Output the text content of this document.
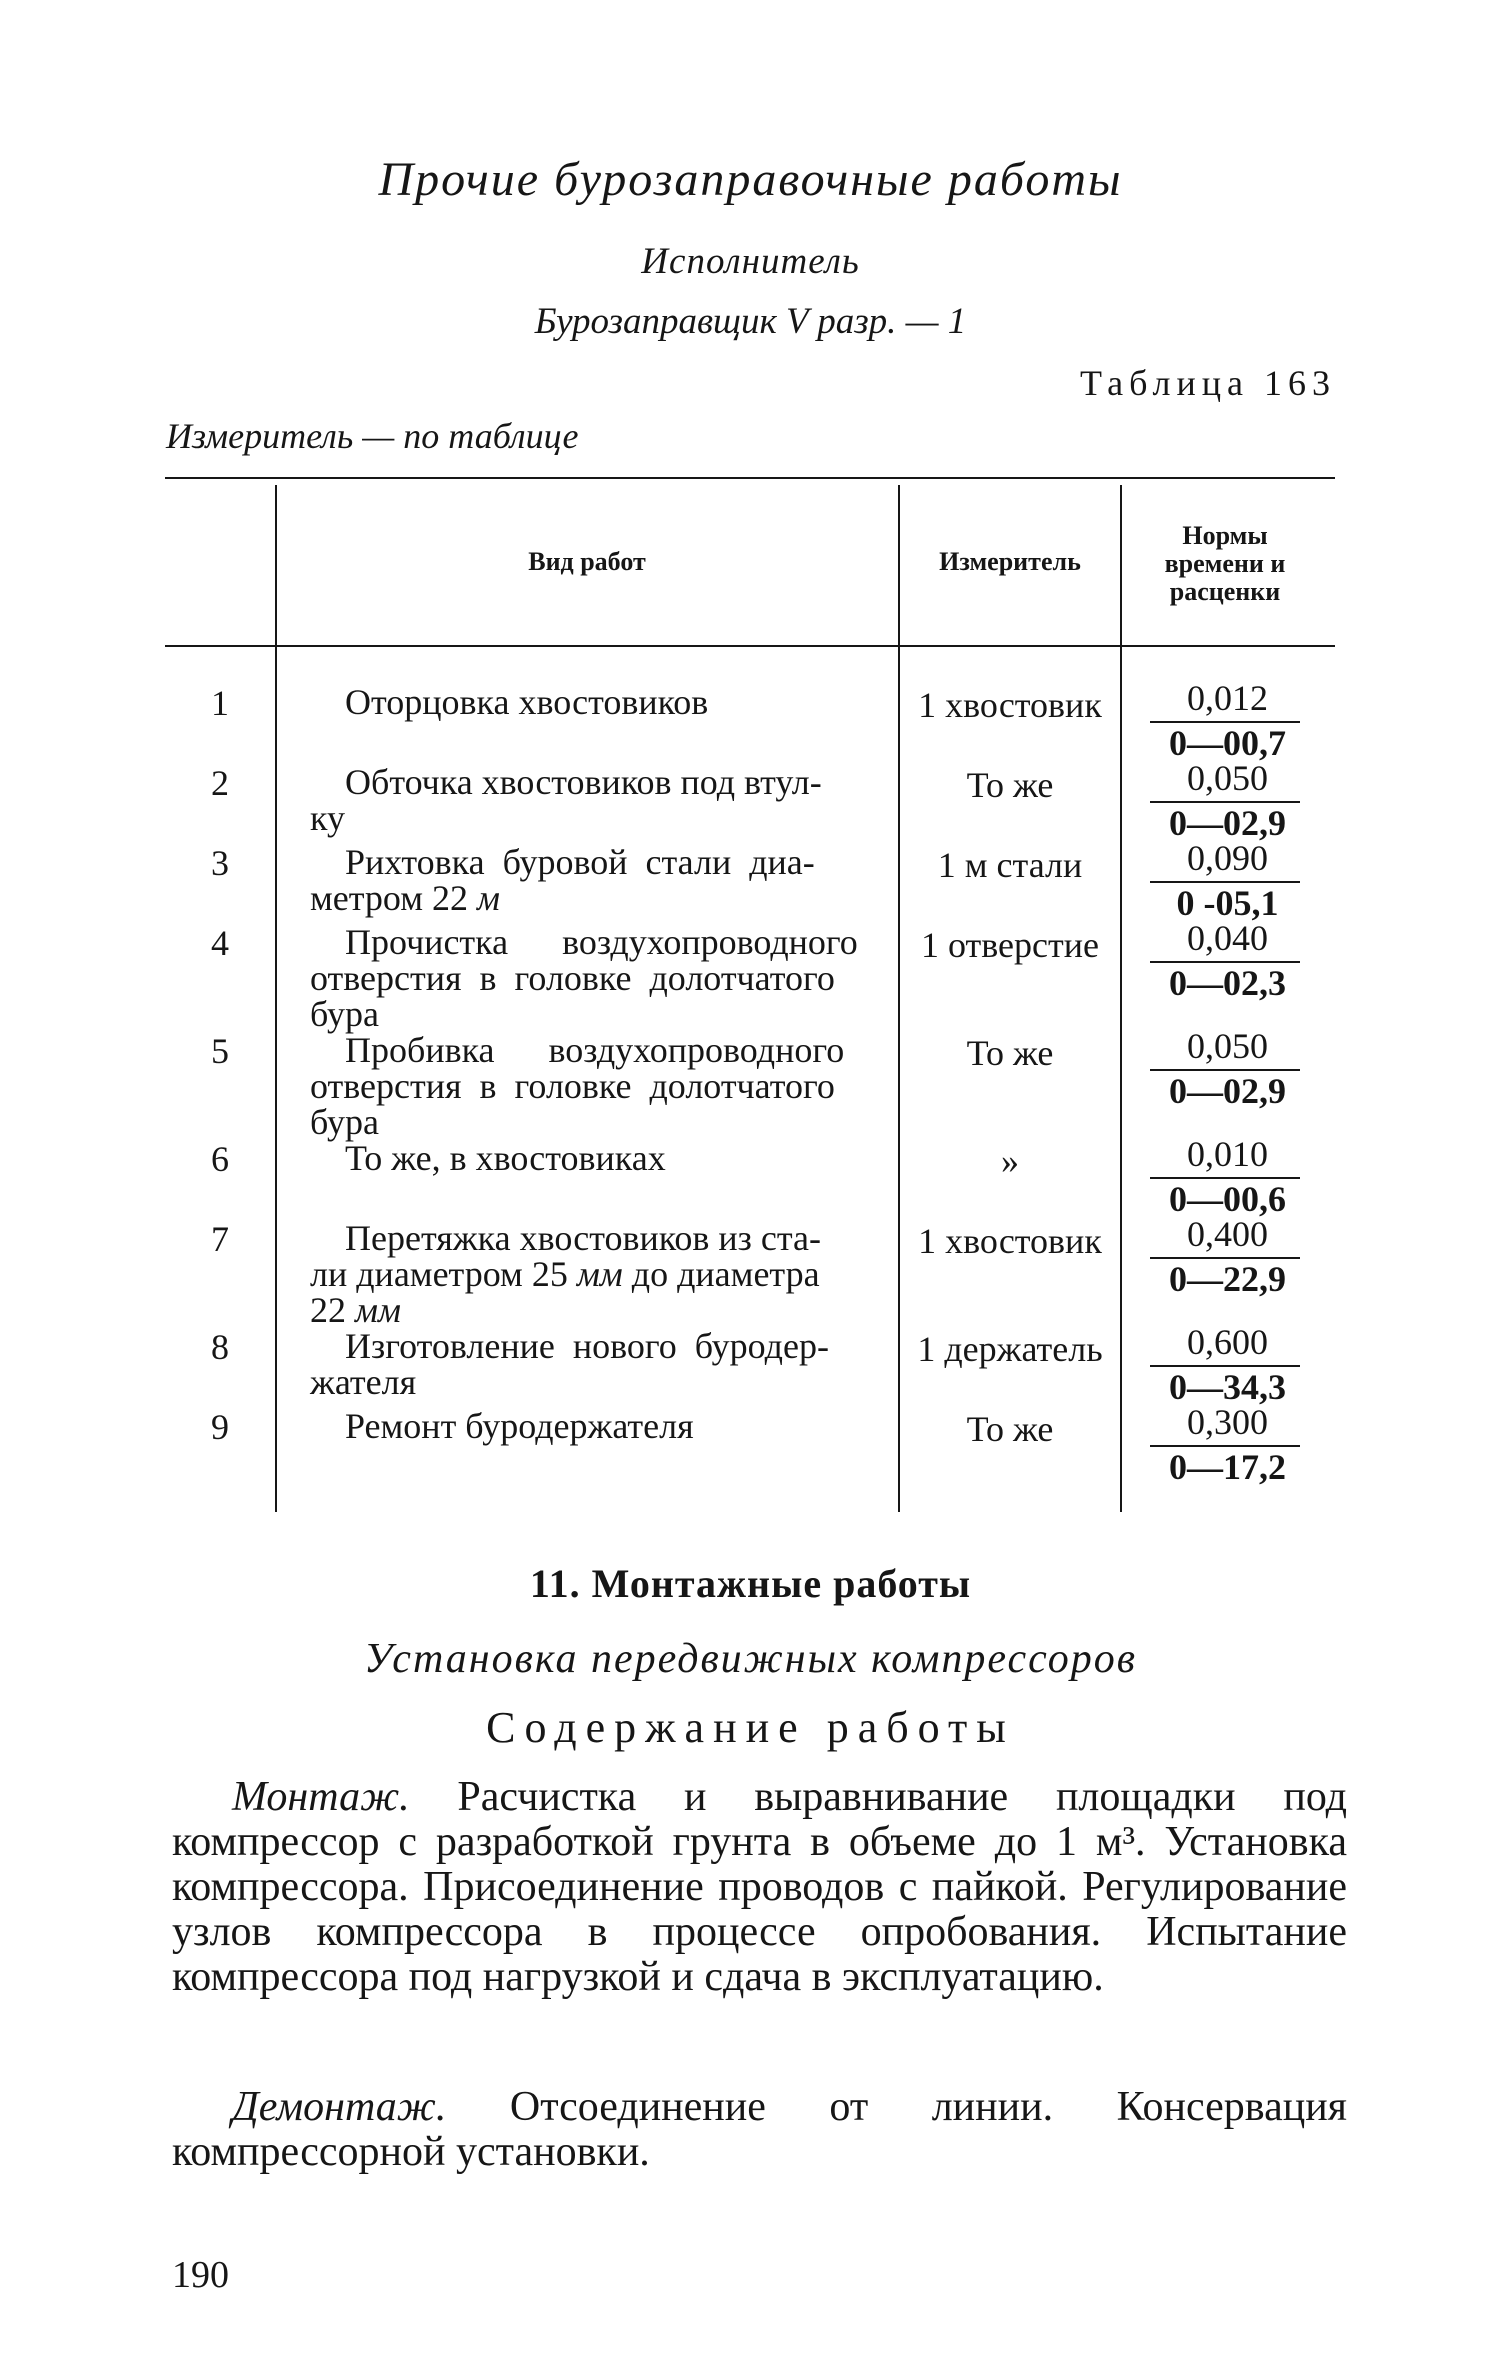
Прочие бурозаправочные работы
Исполнитель
Бурозаправщик V разр. — 1
Таблица 163
Измеритель — по таблице
Вид работ	Измеритель
Нормы времени и расценки
1	Оторцовка хвостовиков	1 хвостовик	0,012
0—00,7
2	Обточка хвостовиков под втул-
ку
То же	0,050
0—02,9
3	Рихтовка  буровой  стали  диа-
метром 22 м
1 м стали	0,090
0 -05,1
4	Прочистка      воздухопроводного
отверстия  в  головке  долотчатого
бура
1 отверстие	0,040
0—02,3
5	Пробивка      воздухопроводного
отверстия  в  головке  долотчатого
бура
То же	0,050
0—02,9
6	То же, в хвостовиках	»	0,010
0—00,6
7	Перетяжка хвостовиков из ста-
ли диаметром 25 мм до диаметра
22 мм
1 хвостовик	0,400
0—22,9
8	Изготовление  нового  буродер-
жателя
1 держатель	0,600
0—34,3
9	Ремонт буродержателя	То же	0,300
0—17,2
11. Монтажные работы
Установка передвижных компрессоров
Содержание работы
Монтаж. Расчистка и выравнивание площадки под компрессор с разработкой грунта в объеме до 1 м³. Установка компрессора. Присоединение проводов с пайкой. Регулирование узлов компрессора в процессе опробования. Испытание компрессора под нагрузкой и сдача в эксплуатацию.
Демонтаж. Отсоединение от линии. Консервация компрессорной установки.
190
